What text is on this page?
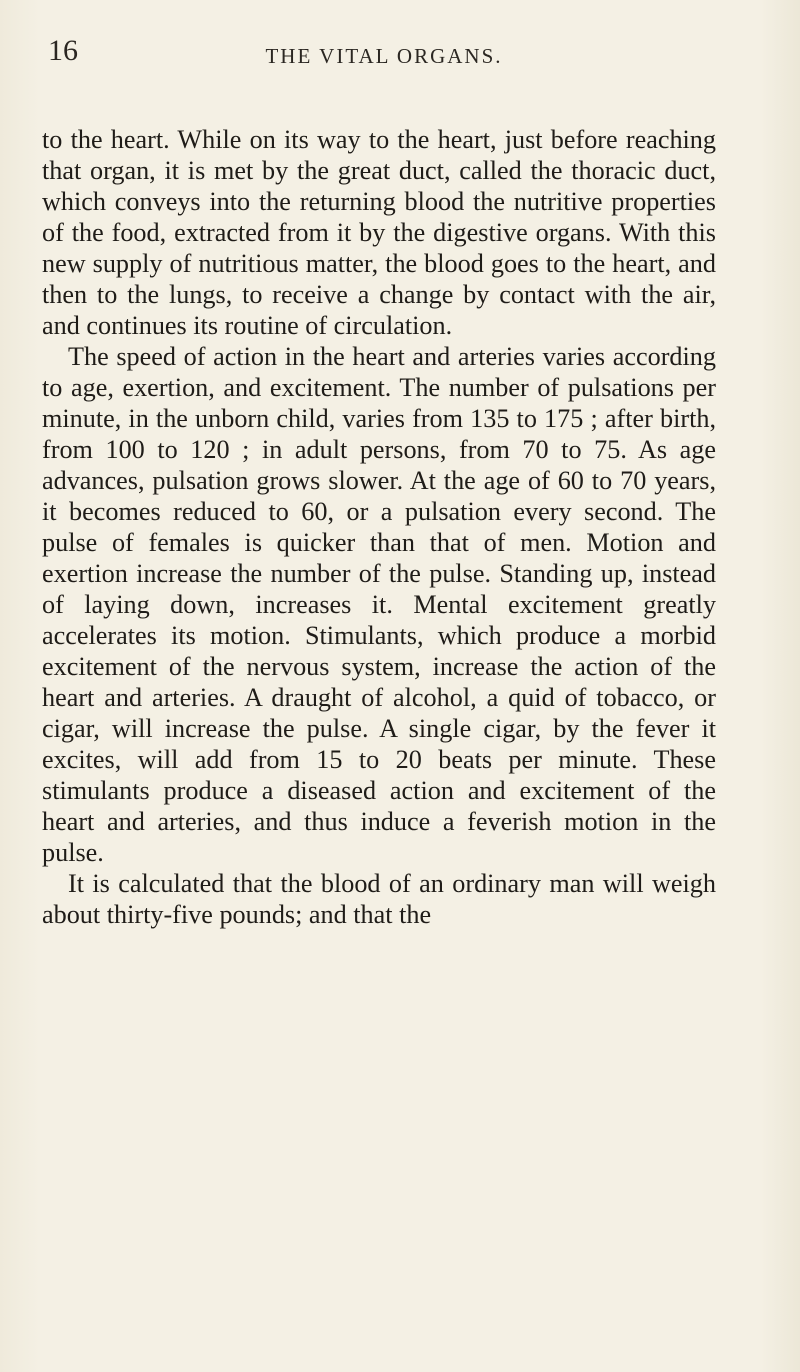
16	THE VITAL ORGANS.

to the heart. While on its way to the heart, just before reaching that organ, it is met by the great duct, called the thoracic duct, which conveys into the returning blood the nutritive properties of the food, extracted from it by the digestive organs. With this new supply of nutritious matter, the blood goes to the heart, and then to the lungs, to receive a change by contact with the air, and continues its routine of circulation.

The speed of action in the heart and arteries varies according to age, exertion, and excitement. The number of pulsations per minute, in the unborn child, varies from 135 to 175 ; after birth, from 100 to 120 ; in adult persons, from 70 to 75. As age advances, pulsation grows slower. At the age of 60 to 70 years, it becomes reduced to 60, or a pulsation every second. The pulse of females is quicker than that of men. Motion and exertion increase the number of the pulse. Standing up, instead of laying down, increases it. Mental excitement greatly accelerates its motion. Stimulants, which produce a morbid excitement of the nervous system, increase the action of the heart and arteries. A draught of alcohol, a quid of tobacco, or cigar, will increase the pulse. A single cigar, by the fever it excites, will add from 15 to 20 beats per minute. These stimulants produce a diseased action and excitement of the heart and arteries, and thus induce a feverish motion in the pulse.

It is calculated that the blood of an ordinary man will weigh about thirty-five pounds; and that the
